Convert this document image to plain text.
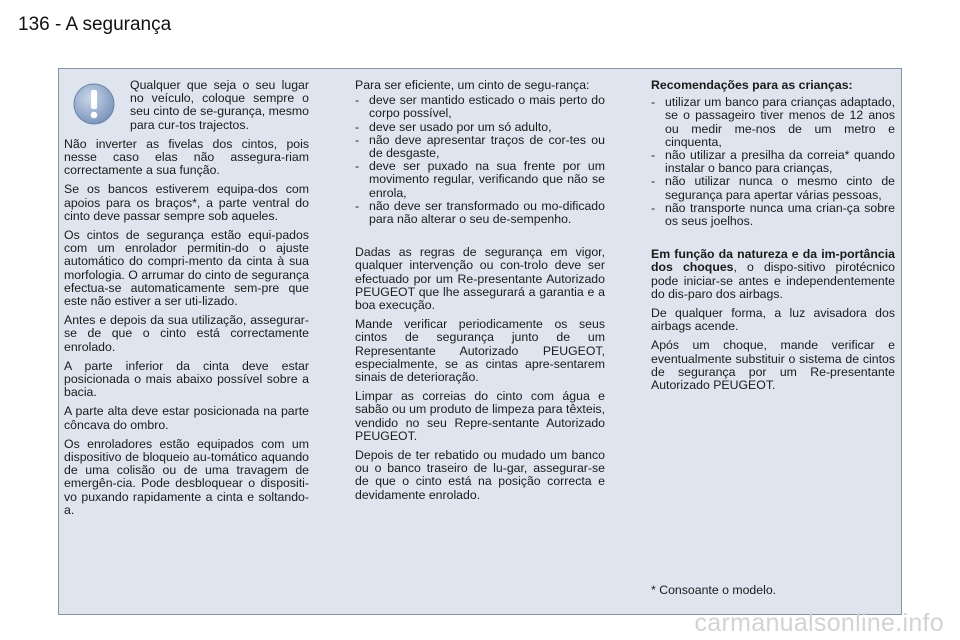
136 - A segurança

Qualquer que seja o seu lugar no veículo, coloque sempre o seu cinto de se-gurança, mesmo para cur-tos trajectos.

Não inverter as fivelas dos cintos, pois nesse caso elas não assegura-riam correctamente a sua função.

Se os bancos estiverem equipa-dos com apoios para os braços*, a parte ventral do cinto deve passar sempre sob aqueles.

Os cintos de segurança estão equi-pados com um enrolador permitin-do o ajuste automático do compri-mento da cinta à sua morfologia. O arrumar do cinto de segurança efectua-se automaticamente sem-pre que este não estiver a ser uti-lizado.

Antes e depois da sua utilização, assegurar-se de que o cinto está correctamente enrolado.

A parte inferior da cinta deve estar posicionada o mais abaixo possível sobre a bacia.

A parte alta deve estar posicionada na parte côncava do ombro.

Os enroladores estão equipados com um dispositivo de bloqueio au-tomático aquando de uma colisão ou de uma travagem de emergên-cia. Pode desbloquear o dispositi-vo puxando rapidamente a cinta e soltando-a.

Para ser eficiente, um cinto de segu-rança:

- deve ser mantido esticado o mais perto do corpo possível,
- deve ser usado por um só adulto,
- não deve apresentar traços de cor-tes ou de desgaste,
- deve ser puxado na sua frente por um movimento regular, verificando que não se enrola,
- não deve ser transformado ou mo-dificado para não alterar o seu de-sempenho.

Dadas as regras de segurança em vigor, qualquer intervenção ou con-trolo deve ser efectuado por um Re-presentante Autorizado PEUGEOT que lhe assegurará a garantia e a boa execução.

Mande verificar periodicamente os seus cintos de segurança junto de um Representante Autorizado PEUGEOT, especialmente, se as cintas apre-sentarem sinais de deterioração.

Limpar as correias do cinto com água e sabão ou um produto de limpeza para têxteis, vendido no seu Repre-sentante Autorizado PEUGEOT.

Depois de ter rebatido ou mudado um banco ou o banco traseiro de lu-gar, assegurar-se de que o cinto está na posição correcta e devidamente enrolado.

Recomendações para as crianças:

- utilizar um banco para crianças adaptado, se o passageiro tiver menos de 12 anos ou medir me-nos de um metro e cinquenta,
- não utilizar a presilha da correia* quando instalar o banco para crianças,
- não utilizar nunca o mesmo cinto de segurança para apertar várias pessoas,
- não transporte nunca uma crian-ça sobre os seus joelhos.

Em função da natureza e da im-portância dos choques, o dispo-sitivo pirotécnico pode iniciar-se antes e independentemente do dis-paro dos airbags.

De qualquer forma, a luz avisadora dos airbags acende.

Após um choque, mande verificar e eventualmente substituir o sistema de cintos de segurança por um Re-presentante Autorizado PEUGEOT.

* Consoante o modelo.
carmanualsonline.info
